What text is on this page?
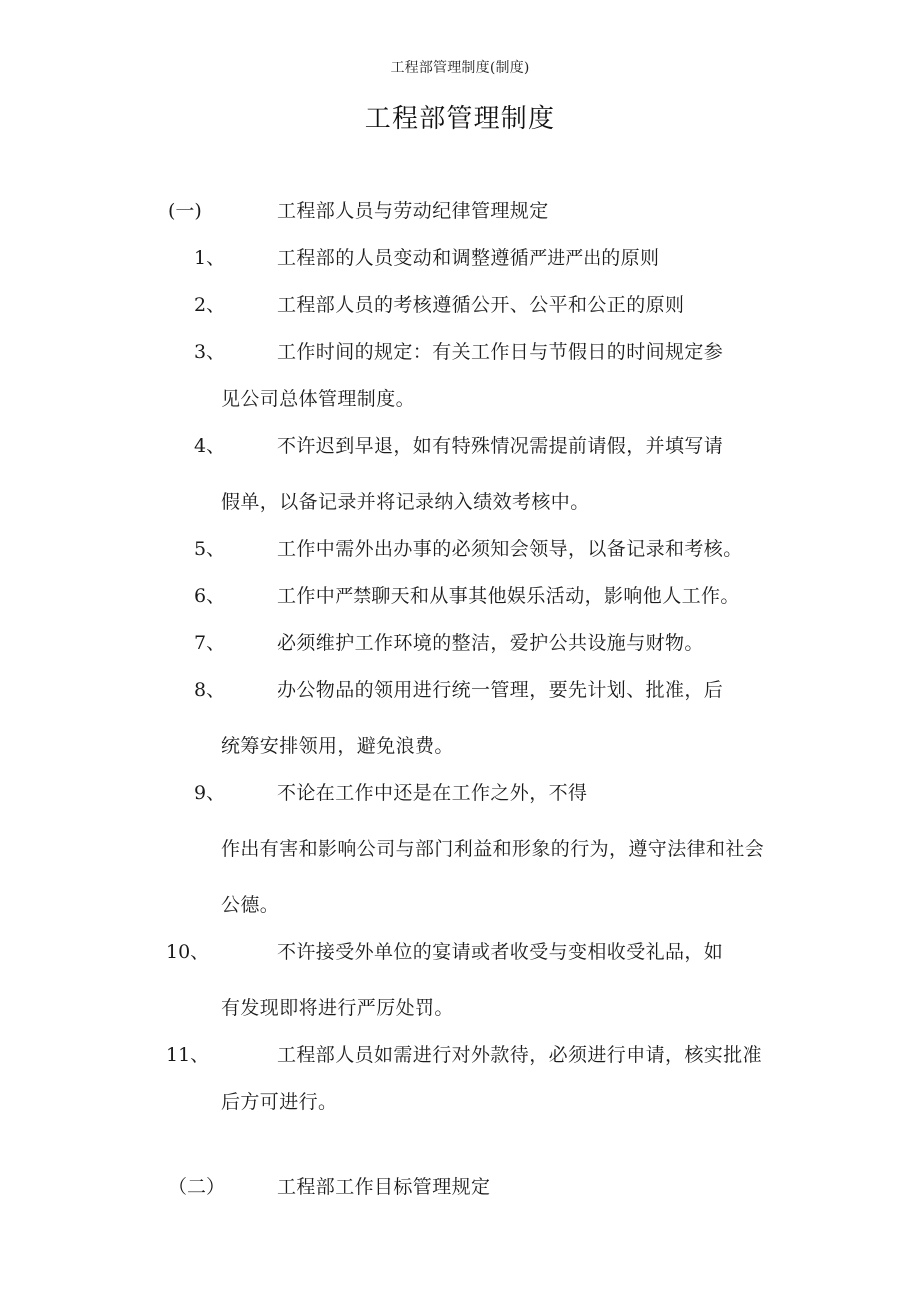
工程部管理制度(制度)
工程部管理制度
(一)	工程部人员与劳动纪律管理规定
1、	工程部的人员变动和调整遵循严进严出的原则
2、	工程部人员的考核遵循公开、公平和公正的原则
3、	工作时间的规定：有关工作日与节假日的时间规定参
见公司总体管理制度。
4、	不许迟到早退，如有特殊情况需提前请假，并填写请
假单，以备记录并将记录纳入绩效考核中。
5、	工作中需外出办事的必须知会领导，以备记录和考核。
6、	工作中严禁聊天和从事其他娱乐活动，影响他人工作。
7、	必须维护工作环境的整洁，爱护公共设施与财物。
8、	办公物品的领用进行统一管理，要先计划、批准，后
统筹安排领用，避免浪费。
9、	不论在工作中还是在工作之外，不得
作出有害和影响公司与部门利益和形象的行为，遵守法律和社会
公德。
10、	不许接受外单位的宴请或者收受与变相收受礼品，如
有发现即将进行严厉处罚。
11、	工程部人员如需进行对外款待，必须进行申请，核实批准
后方可进行。
（二）	工程部工作目标管理规定
